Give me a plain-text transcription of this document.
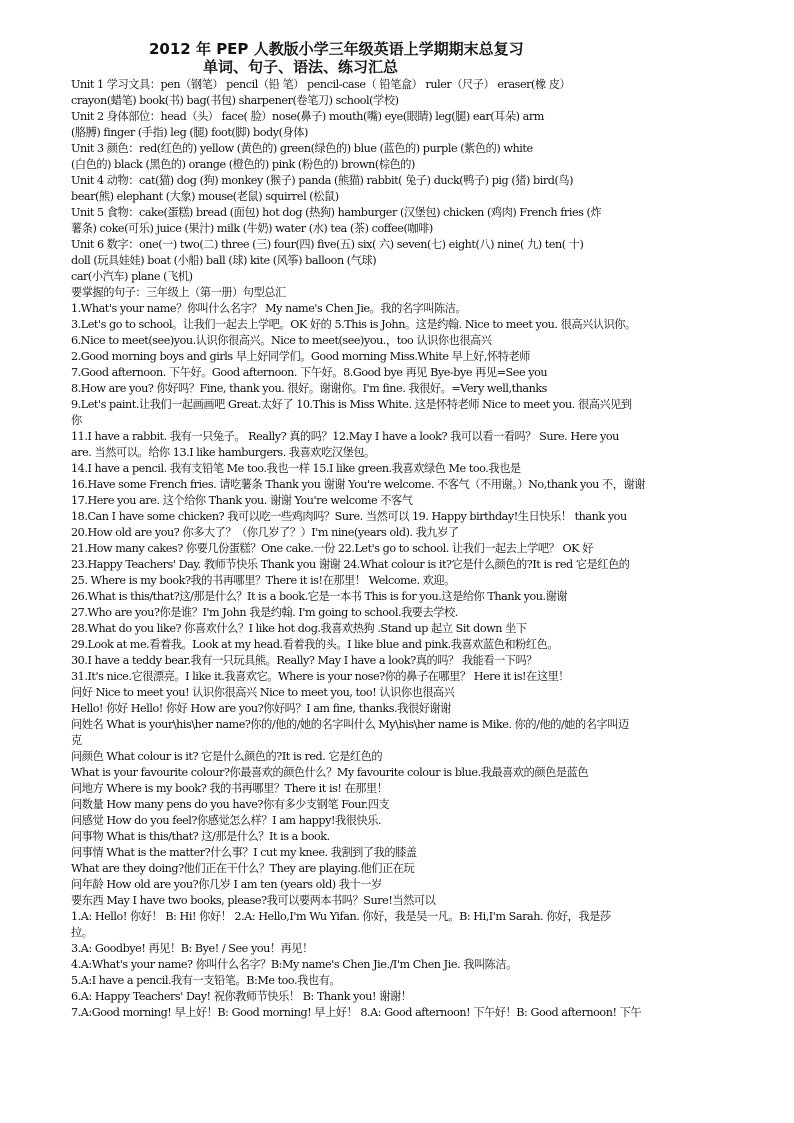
2012 年 PEP 人教版小学三年级英语上学期期末总复习
单词、句子、语法、练习汇总
Unit 1 学习文具：pen（钢笔） pencil（铅 笔） pencil-case（ 铅笔盒） ruler（尺子） eraser(橡 皮）
crayon(蜡笔) book(书) bag(书包) sharpener(卷笔刀) school(学校)
Unit 2 身体部位：head（头） face( 脸）nose(鼻子) mouth(嘴) eye(眼睛) leg(腿) ear(耳朵) arm
(胳膊) finger (手指) leg (腿) foot(脚) body(身体)
Unit 3 颜色：red(红色的) yellow (黄色的) green(绿色的) blue (蓝色的) purple (紫色的) white
(白色的) black (黑色的) orange (橙色的) pink (粉色的) brown(棕色的)
Unit 4 动物：cat(猫) dog (狗) monkey (猴子) panda (熊猫) rabbit( 兔子) duck(鸭子) pig (猪) bird(鸟)
bear(熊) elephant (大象) mouse(老鼠) squirrel (松鼠)
Unit 5 食物：cake(蛋糕) bread (面包) hot dog (热狗) hamburger (汉堡包) chicken (鸡肉) French fries (炸
薯条) coke(可乐) juice (果汁) milk (牛奶) water (水) tea (茶) coffee(咖啡)
Unit 6 数字：one(一) two(二) three (三) four(四) five(五) six( 六) seven(七) eight(八) nine( 九) ten( 十)
doll (玩具娃娃) boat (小船) ball (球) kite (风筝) balloon (气球)
car(小汽车) plane (飞机)
要掌握的句子：三年级上（第一册）句型总汇
1.What's your name？你叫什么名字？ My name's Chen Jie。我的名字叫陈洁。
3.Let's go to school。让我们一起去上学吧。OK 好的 5.This is John。这是约翰. Nice to meet you. 很高兴认识你。
6.Nice to meet(see)you.认识你很高兴。Nice to meet(see)you.，too 认识你也很高兴
2.Good morning boys and girls 早上好同学们。Good morning Miss.White 早上好,怀特老师
7.Good afternoon. 下午好。Good afternoon. 下午好。8.Good bye 再见 Bye-bye 再见=See you
8.How are you? 你好吗？Fine, thank you. 很好。谢谢你。I'm fine. 我很好。=Very well,thanks
9.Let's paint.让我们一起画画吧 Great.太好了 10.This is Miss White. 这是怀特老师 Nice to meet you. 很高兴见到
你
11.I have a rabbit. 我有一只兔子。 Really? 真的吗？12.May I have a look? 我可以看一看吗？ Sure. Here you
are. 当然可以。给你 13.I like hamburgers. 我喜欢吃汉堡包。
14.I have a pencil. 我有支铅笔 Me too.我也一样 15.I like green.我喜欢绿色 Me too.我也是
16.Have some French fries. 请吃薯条 Thank you 谢谢 You're welcome. 不客气（不用谢。）No,thank you 不，谢谢
17.Here you are. 这个给你 Thank you. 谢谢 You're welcome 不客气
18.Can I have some chicken? 我可以吃一些鸡肉吗？Sure. 当然可以 19. Happy birthday!生日快乐！ thank you
20.How old are you? 你多大了？（你几岁了？）I'm nine(years old). 我九岁了
21.How many cakes? 你要几份蛋糕？One cake.一份 22.Let's go to school. 让我们一起去上学吧？ OK 好
23.Happy Teachers' Day. 教师节快乐 Thank you 谢谢 24.What colour is it?它是什么颜色的?It is red 它是红色的
25. Where is my book?我的书再哪里？There it is!在那里！ Welcome. 欢迎。
26.What is this/that?这/那是什么？It is a book.它是一本书 This is for you.这是给你 Thank you.谢谢
27.Who are you?你是谁？I'm John 我是约翰. I'm going to school.我要去学校.
28.What do you like? 你喜欢什么？I like hot dog.我喜欢热狗 .Stand up 起立 Sit down 坐下
29.Look at me.看着我。Look at my head.看着我的头。I like blue and pink.我喜欢蓝色和粉红色。
30.I have a teddy bear.我有一只玩具熊。Really? May I have a look?真的吗？ 我能看一下吗？
31.It's nice.它很漂亮。I like it.我喜欢它。Where is your nose?你的鼻子在哪里？ Here it is!在这里！
问好 Nice to meet you! 认识你很高兴 Nice to meet you, too! 认识你也很高兴
Hello! 你好 Hello! 你好 How are you?你好吗？I am fine, thanks.我很好谢谢
问姓名 What is your\his\her name?你的/他的/她的名字叫什么 My\his\her name is Mike. 你的/他的/她的名字叫迈
克
问颜色 What colour is it? 它是什么颜色的?It is red. 它是红色的
What is your favourite colour?你最喜欢的颜色什么？My favourite colour is blue.我最喜欢的颜色是蓝色
问地方 Where is my book? 我的书再哪里？There it is! 在那里！
问数量 How many pens do you have?你有多少支钢笔 Four.四支
问感觉 How do you feel?你感觉怎么样？I am happy!我很快乐.
问事物 What is this/that? 这/那是什么？It is a book.
问事情 What is the matter?什么事？I cut my knee. 我割到了我的膝盖
What are they doing?他们正在干什么？They are playing.他们正在玩
问年龄 How old are you?你几岁 I am ten (years old) 我十一岁
要东西 May I have two books, please?我可以要两本书吗？Sure!当然可以
1.A: Hello! 你好！ B: Hi! 你好！ 2.A: Hello,I'm Wu Yifan. 你好，我是吴一凡。B: Hi,I'm Sarah. 你好，我是莎
拉。
3.A: Goodbye! 再见！B: Bye! / See you！再见！
4.A:What's your name? 你叫什么名字？B:My name's Chen Jie./I'm Chen Jie. 我叫陈洁。
5.A:I have a pencil.我有一支铅笔。B:Me too.我也有。
6.A: Happy Teachers' Day! 祝你教师节快乐！ B: Thank you! 谢谢！
7.A:Good morning! 早上好！B: Good morning! 早上好！ 8.A: Good afternoon! 下午好！B: Good afternoon! 下午
